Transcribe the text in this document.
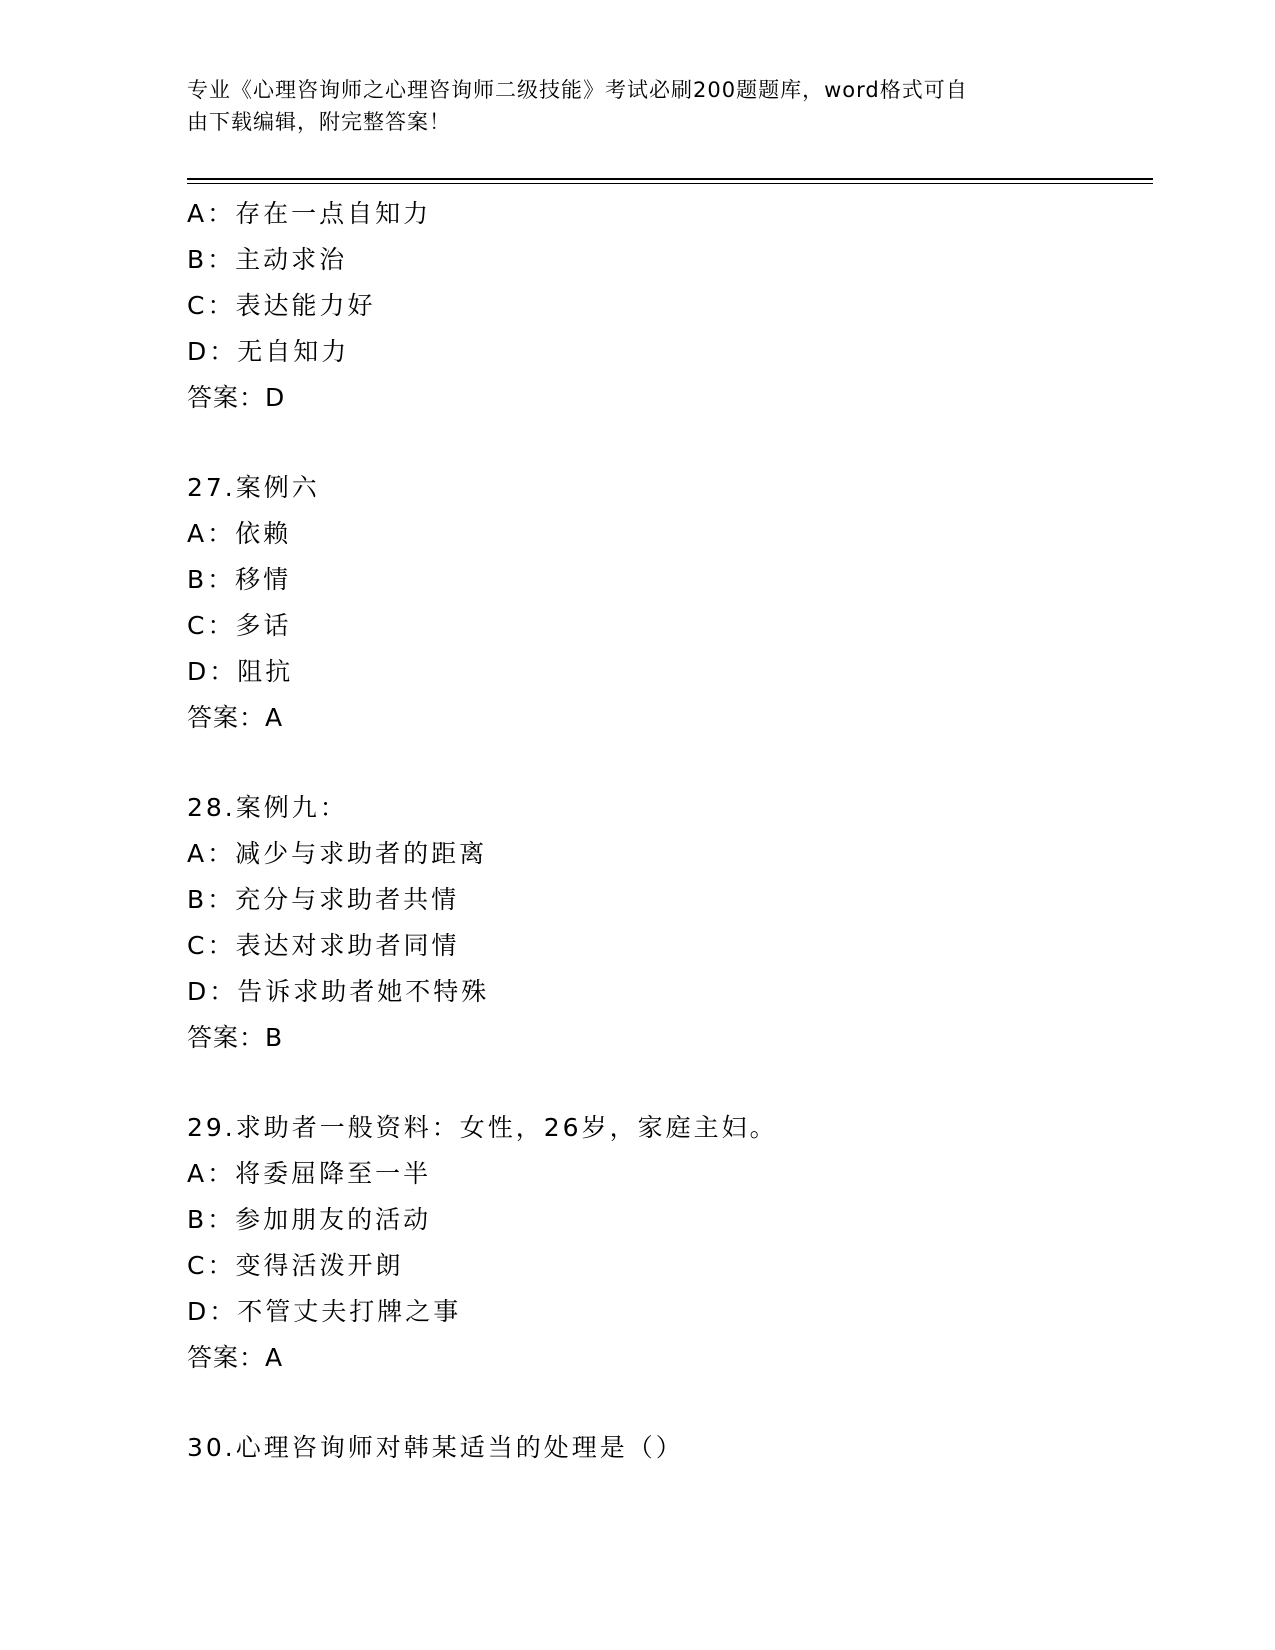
专业《心理咨询师之心理咨询师二级技能》考试必刷200题题库，word格式可自
由下载编辑，附完整答案！
A：存在一点自知力
B：主动求治
C：表达能力好
D：无自知力
答案：D
27.案例六
A：依赖
B：移情
C：多话
D：阻抗
答案：A
28.案例九：
A：减少与求助者的距离
B：充分与求助者共情
C：表达对求助者同情
D：告诉求助者她不特殊
答案：B
29.求助者一般资料：女性，26岁，家庭主妇。
A：将委屈降至一半
B：参加朋友的活动
C：变得活泼开朗
D：不管丈夫打牌之事
答案：A
30.心理咨询师对韩某适当的处理是（）
